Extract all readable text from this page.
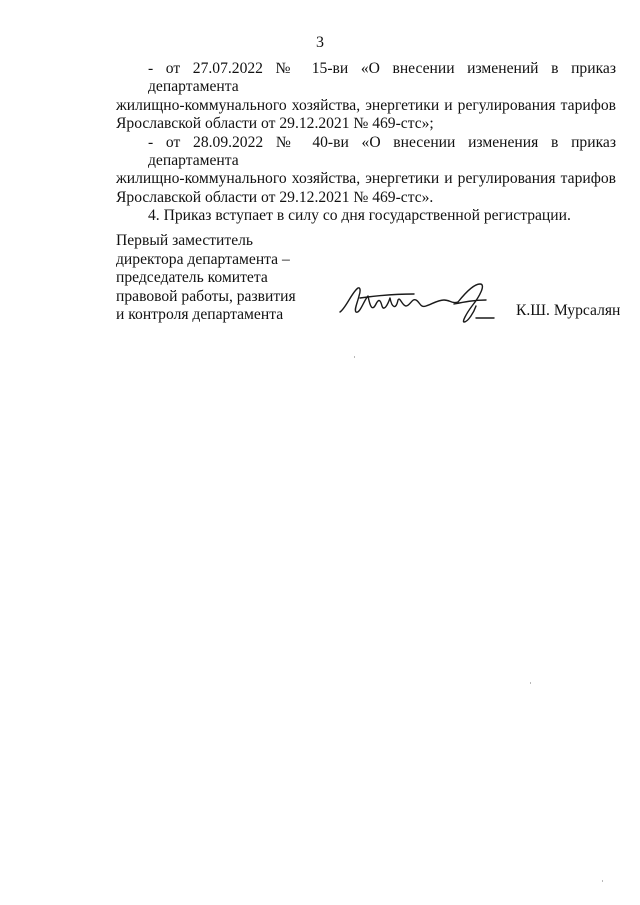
3

- от 27.07.2022 № 15-ви «О внесении изменений в приказ департамента
жилищно-коммунального хозяйства, энергетики и регулирования тарифов
Ярославской области от 29.12.2021 № 469-стс»;

- от 28.09.2022 № 40-ви «О внесении изменения в приказ департамента
жилищно-коммунального хозяйства, энергетики и регулирования тарифов
Ярославской области от 29.12.2021 № 469-стс».

4. Приказ вступает в силу со дня государственной регистрации.

Первый заместитель
директора департамента –
председатель комитета
правовой работы, развития
и контроля департамента	К.Ш. Мурсалян
